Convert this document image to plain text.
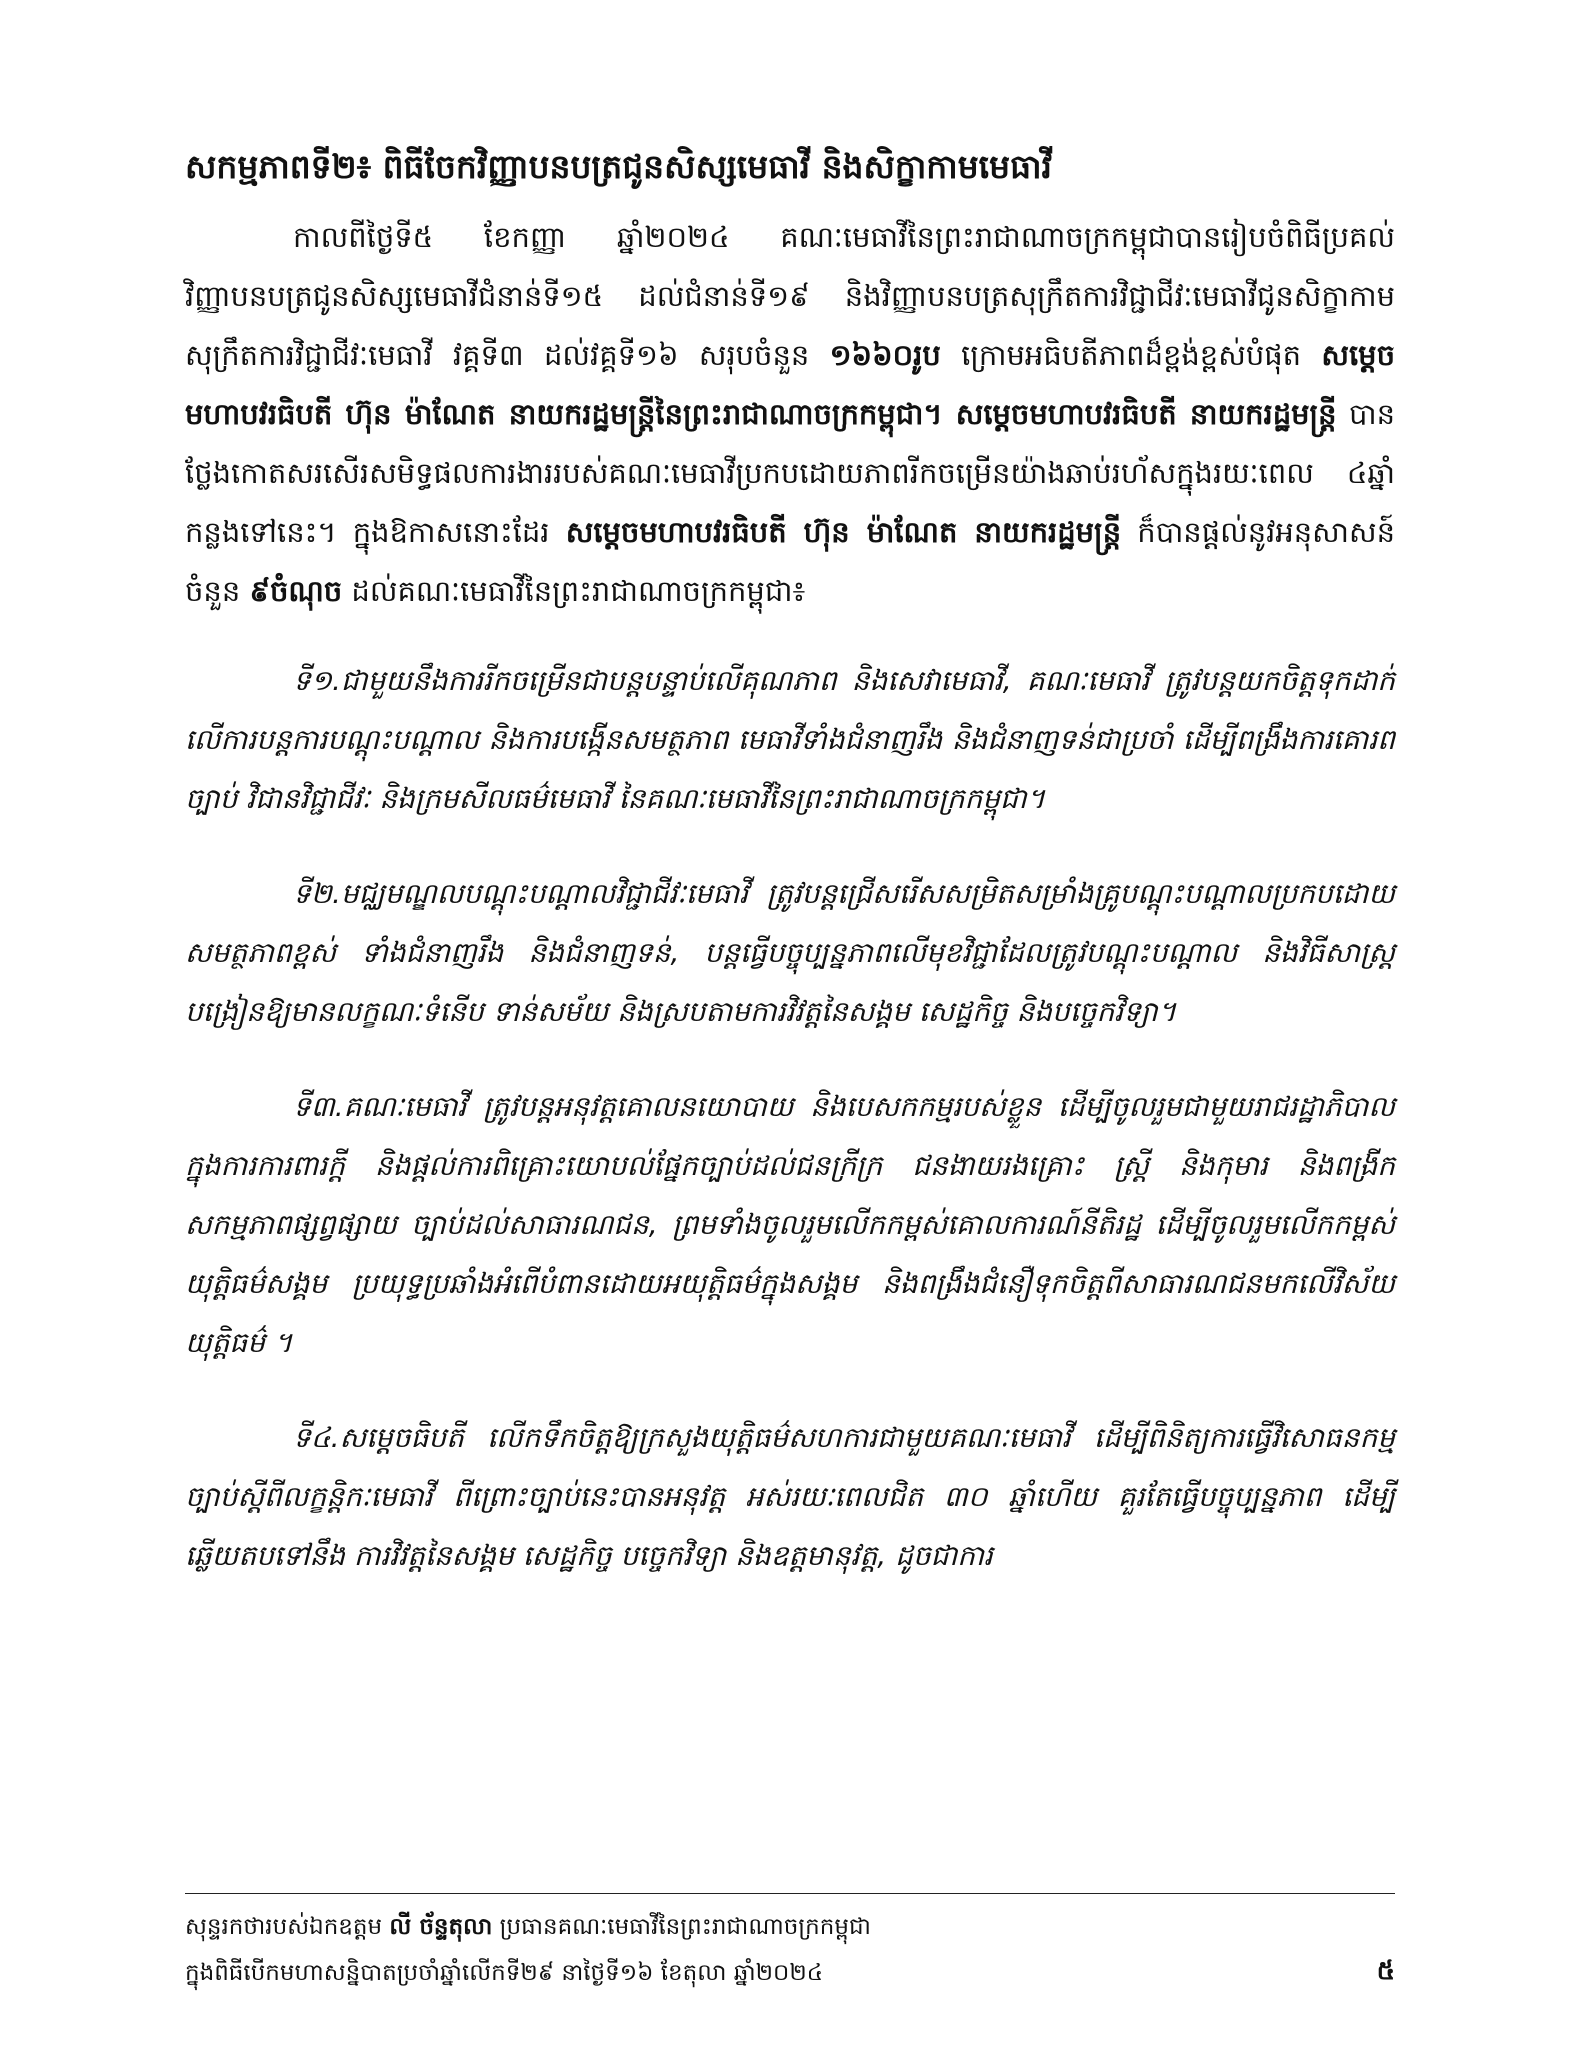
សកម្មភាពទី២៖ ពិធីចែកវិញ្ញាបនបត្រជូនសិស្សមេធាវី និងសិក្ខាកាមមេធាវី

កាលពីថ្ងៃទី៥ ខែកញ្ញា ឆ្នាំ២០២៤ គណៈមេធាវីនៃព្រះរាជាណាចក្រកម្ពុជាបានរៀបចំពិធីប្រគល់វិញ្ញាបនបត្រជូនសិស្សមេធាវីជំនាន់ទី១៥ ដល់ជំនាន់ទី១៩ និងវិញ្ញាបនបត្រសុក្រឹតការវិជ្ជាជីវៈមេធាវីជូនសិក្ខាកាមសុក្រឹតការវិជ្ជាជីវៈមេធាវី វគ្គទី៣ ដល់វគ្គទី១៦ សរុបចំនួន ១៦៦០រូប ក្រោមអធិបតីភាពដ៏ខ្ពង់ខ្ពស់បំផុត សម្តេចមហាបវរធិបតី ហ៊ុន ម៉ាណែត នាយករដ្ឋមន្ត្រីនៃព្រះរាជាណាចក្រកម្ពុជា។ សម្តេចមហាបវរធិបតី នាយករដ្ឋមន្ត្រី បានថ្លែងកោតសរសើរសមិទ្ធផលការងាររបស់គណៈមេធាវីប្រកបដោយភាពរីកចម្រើនយ៉ាងឆាប់រហ័សក្នុងរយៈពេល ៤ឆ្នាំ កន្លងទៅនេះ។ ក្នុងឱកាសនោះដែរ សម្តេចមហាបវរធិបតី ហ៊ុន ម៉ាណែត នាយករដ្ឋមន្ត្រី ក៏បានផ្តល់នូវអនុសាសន៍ចំនួន ៩ចំណុច ដល់គណៈមេធាវីនៃព្រះរាជាណាចក្រកម្ពុជា៖

ទី១.ជាមួយនឹងការរីកចម្រើនជាបន្តបន្ទាប់លើគុណភាព និងសេវាមេធាវី, គណៈមេធាវី ត្រូវបន្តយកចិត្តទុកដាក់លើការបន្តការបណ្តុះបណ្តាល និងការបង្កើនសមត្ថភាព មេធាវីទាំងជំនាញរឹង និងជំនាញទន់ជាប្រចាំ ដើម្បីពង្រឹងការគោរពច្បាប់ វិជានវិជ្ជាជីវៈ និងក្រមសីលធម៌មេធាវី នៃគណៈមេធាវីនៃព្រះរាជាណាចក្រកម្ពុជា។

ទី២.មជ្ឈមណ្ឌលបណ្តុះបណ្តាលវិជ្ជាជីវៈមេធាវី ត្រូវបន្តជ្រើសរើសសម្រិតសម្រាំងគ្រូបណ្តុះបណ្តាលប្រកបដោយសមត្ថភាពខ្ពស់ ទាំងជំនាញរឹង និងជំនាញទន់, បន្តធ្វើបច្ចុប្បន្នភាពលើមុខវិជ្ជាដែលត្រូវបណ្តុះបណ្តាល និងវិធីសាស្ត្របង្រៀនឱ្យមានលក្ខណៈទំនើប ទាន់សម័យ និងស្របតាមការវិវត្តនៃសង្គម សេដ្ឋកិច្ច និងបច្ចេកវិទ្យា។

ទី៣.គណៈមេធាវី ត្រូវបន្តអនុវត្តគោលនយោបាយ និងបេសកកម្មរបស់ខ្លួន ដើម្បីចូលរួមជាមួយរាជរដ្ឋាភិបាល ក្នុងការការពារក្តី និងផ្តល់ការពិគ្រោះយោបល់ផ្នែកច្បាប់ដល់ជនក្រីក្រ ជនងាយរងគ្រោះ ស្ត្រី និងកុមារ និងពង្រីកសកម្មភាពផ្សព្វផ្សាយ ច្បាប់ដល់សាធារណជន, ព្រមទាំងចូលរួមលើកកម្ពស់គោលការណ៍នីតិរដ្ឋ ដើម្បីចូលរួមលើកកម្ពស់យុត្តិធម៌សង្គម ប្រយុទ្ធប្រឆាំងអំពើបំពានដោយអយុត្តិធម៌ក្នុងសង្គម និងពង្រឹងជំនឿទុកចិត្តពីសាធារណជនមកលើវិស័យយុត្តិធម៌ ។

ទី៤.សម្តេចធិបតី លើកទឹកចិត្តឱ្យក្រសួងយុត្តិធម៌សហការជាមួយគណៈមេធាវី ដើម្បីពិនិត្យការធ្វើវិសោធនកម្មច្បាប់ស្តីពីលក្ខន្តិកៈមេធាវី ពីព្រោះច្បាប់នេះបានអនុវត្ត អស់រយៈពេលជិត ៣០ ឆ្នាំហើយ គួរតែធ្វើបច្ចុប្បន្នភាព ដើម្បីឆ្លើយតបទៅនឹង ការវិវត្តនៃសង្គម សេដ្ឋកិច្ច បច្ចេកវិទ្យា និងឧត្តមានុវត្ត, ដូចជាការ

សុន្ទរកថារបស់ឯកឧត្តម លី ច័ន្ទតុលា ប្រធានគណៈមេធាវីនៃព្រះរាជាណាចក្រកម្ពុជា
ក្នុងពិធីបើកមហាសន្និបាតប្រចាំឆ្នាំលើកទី២៩ នាថ្ងៃទី១៦ ខែតុលា ឆ្នាំ២០២៤	៥
